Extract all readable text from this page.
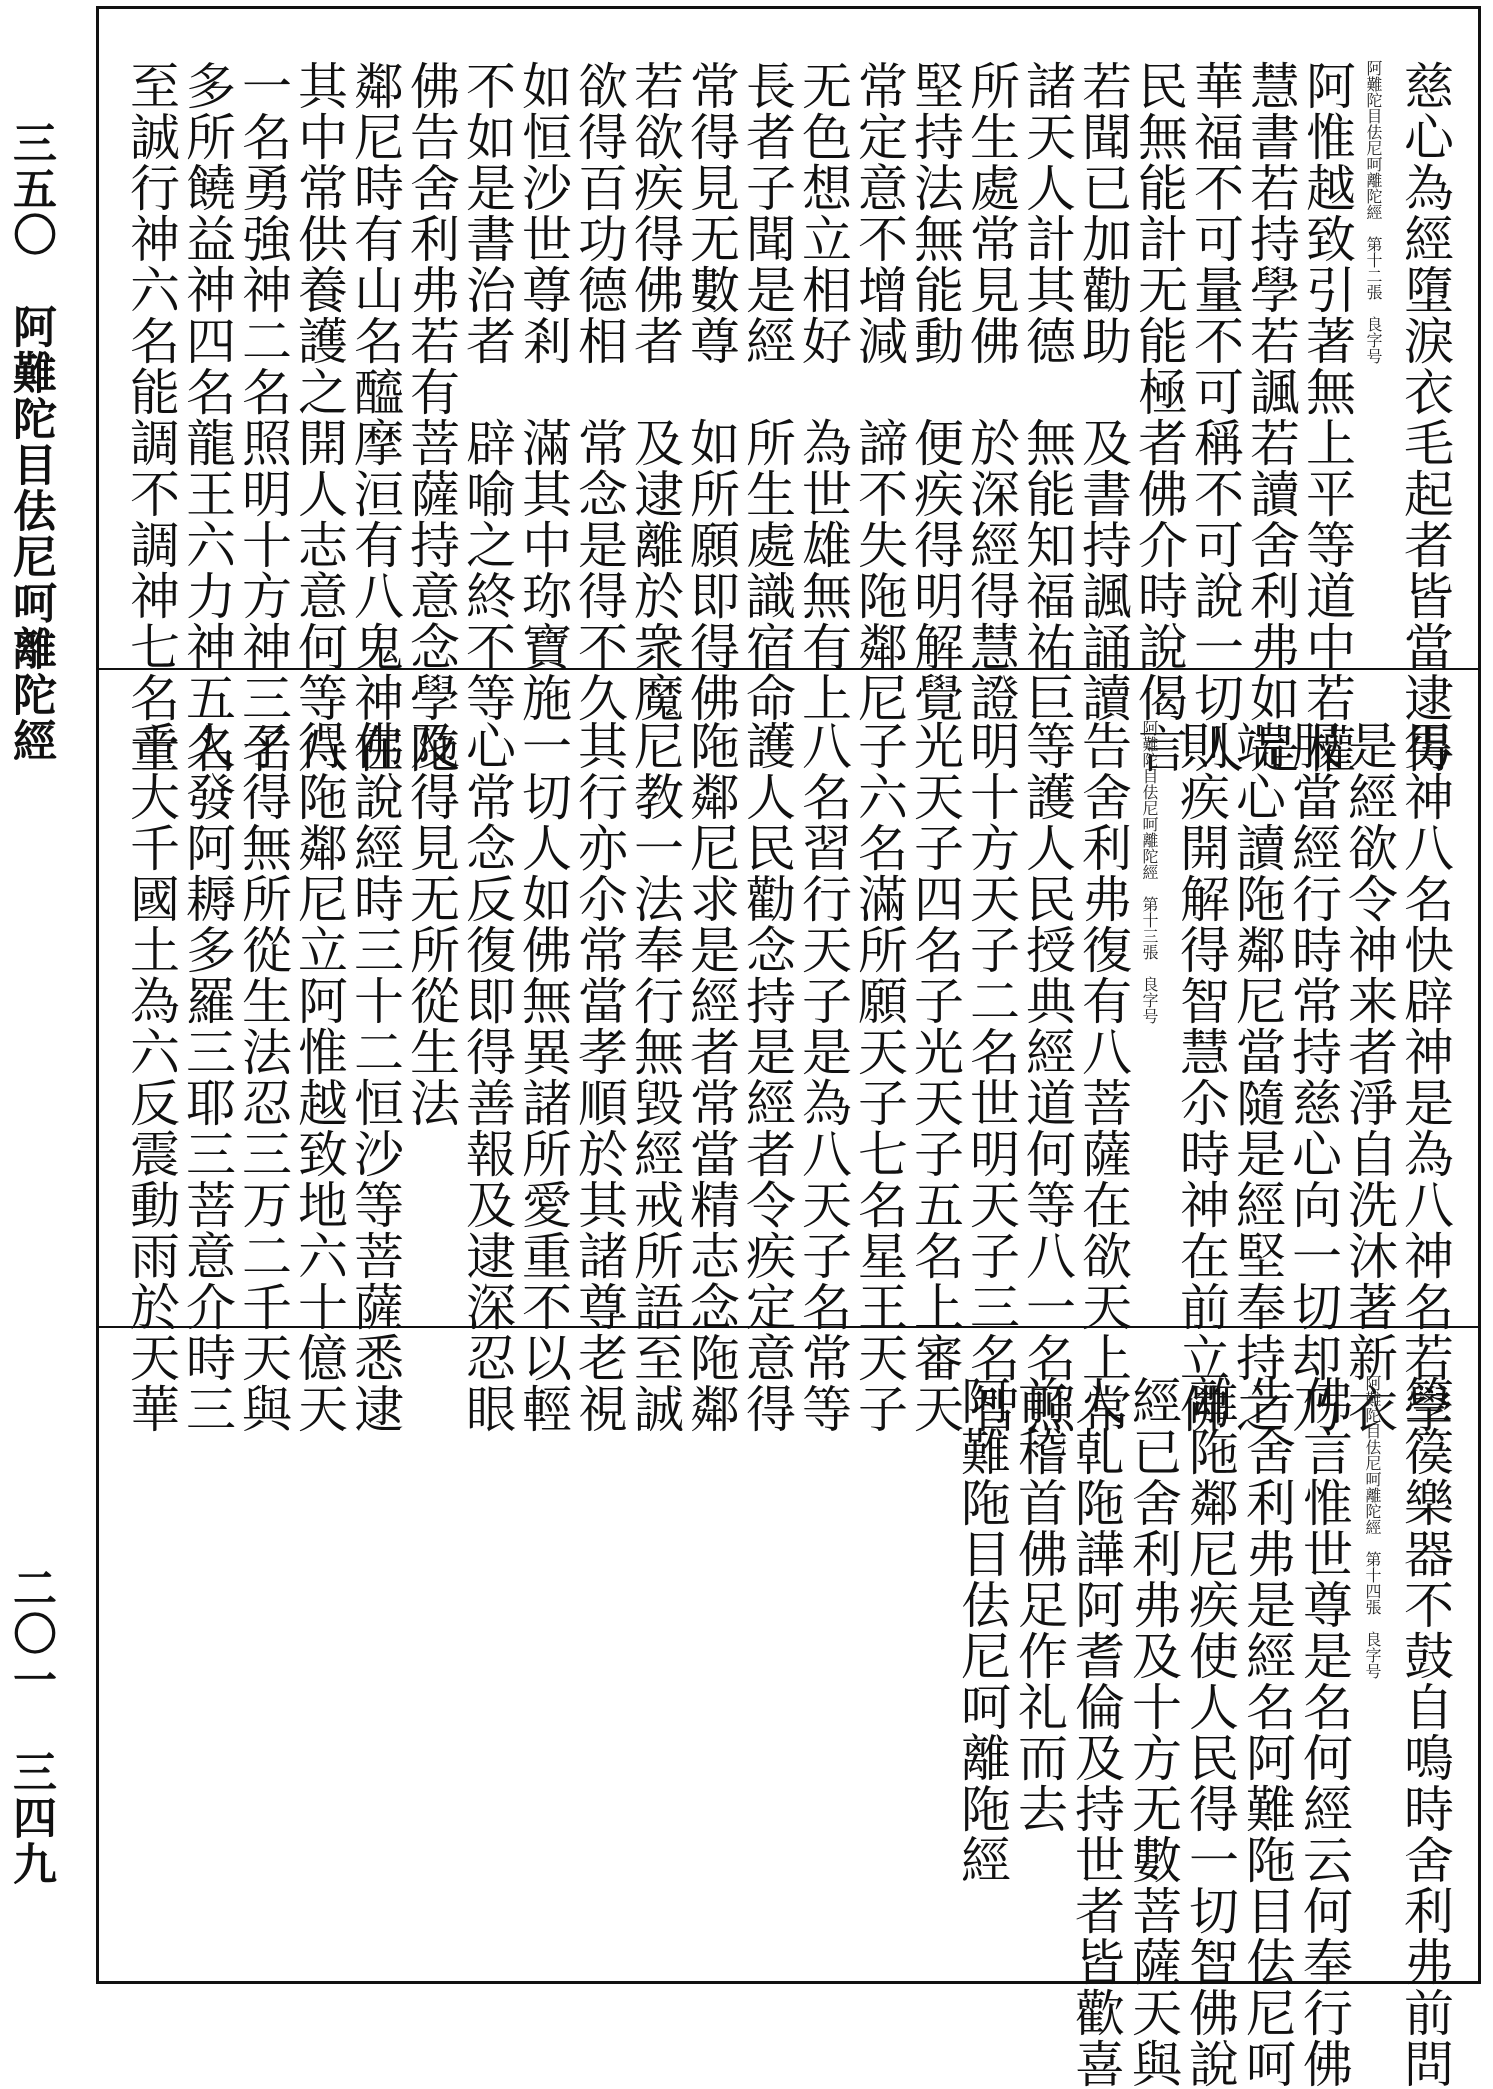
三五〇　阿難陀目佉尼呵離陀經
二〇一　三四九
慈心為經墮淚衣毛起者皆當逮得
阿難陀目佉尼呵離陀經　第十二張　良字号
阿惟越致引著無上平等道中若權
慧書若持學若諷若讀舍利弗如是
華福不可量不可稱不可說一切人
民無能計无能極者佛介時說偈言
若聞已加勸助　及書持諷誦讀
諸天人計其德　無能知福祐巨
所生處常見佛　於深經得慧證
堅持法無能動　便疾得明解覺
常定意不增減　諦不失陁鄰尼
无色想立相好　為世雄無有上
長者子聞是經　所生處識宿命
常得見无數尊　如所願即得佛
若欲疾得佛者　及逮離於衆魔
欲得百功德相　常念是得不久
如恒沙世尊剎　滿其中珎寶施
不如是書治者　辟喻之終不等
佛告舍利弗若有菩薩持意念學陁
鄰尼時有山名醯摩洹有八鬼神在
其中常供養護之開人志意何等八
一名勇強神二名照明十方神三名
多所饒益神四名龍王六力神五名
至誠行神六名能調不調神七名童
男神八名快辟神是為八神名若學
是經欲令神来者淨自洗沐著新衣
服當經行時常持慈心向一切却乃
端心讀陁鄰尼當隨是經堅奉持之
則疾開解得智慧尒時神在前立佛
阿難陀目佉尼呵離陀經　第十三張　良字号
告舍利弗復有八菩薩在欲天上常
等護人民授典經道何等八一名照
明十方天子二名世明天子三名智
光天子四名子光天子五名上審天
子六名滿所願天子七名星王天子
八名習行天子是為八天子名常等
護人民勸念持是經者令疾定意得
陁鄰尼求是經者常當精志念陁鄰
尼教一法奉行無毀經戒所語至誠
其行亦尒常當孝順於其諸尊老視
一切人如佛無異諸所愛重不以輕
心常念反復即得善報及逮深忍眼
及得見无所從生法
佛說經時三十二恒沙等菩薩悉逮
得陁鄰尼立阿惟越致地六十億天
子得無所從生法忍三万二千天與
人發阿耨多羅三耶三菩意介時三
千大千國土為六反震動雨於天華
箜篌樂器不鼓自鳴時舍利弗前問
阿難陀目佉尼呵離陀經　第十四張　良字号
佛言惟世尊是名何經云何奉行佛
告舍利弗是經名阿難陁目佉尼呵
離陁鄰尼疾使人民得一切智佛說
經已舍利弗及十方无數菩薩天與
人乹陁譁阿耆倫及持世者皆歡喜
前稽首佛足作礼而去
阿難陁目佉尼呵離陁經
